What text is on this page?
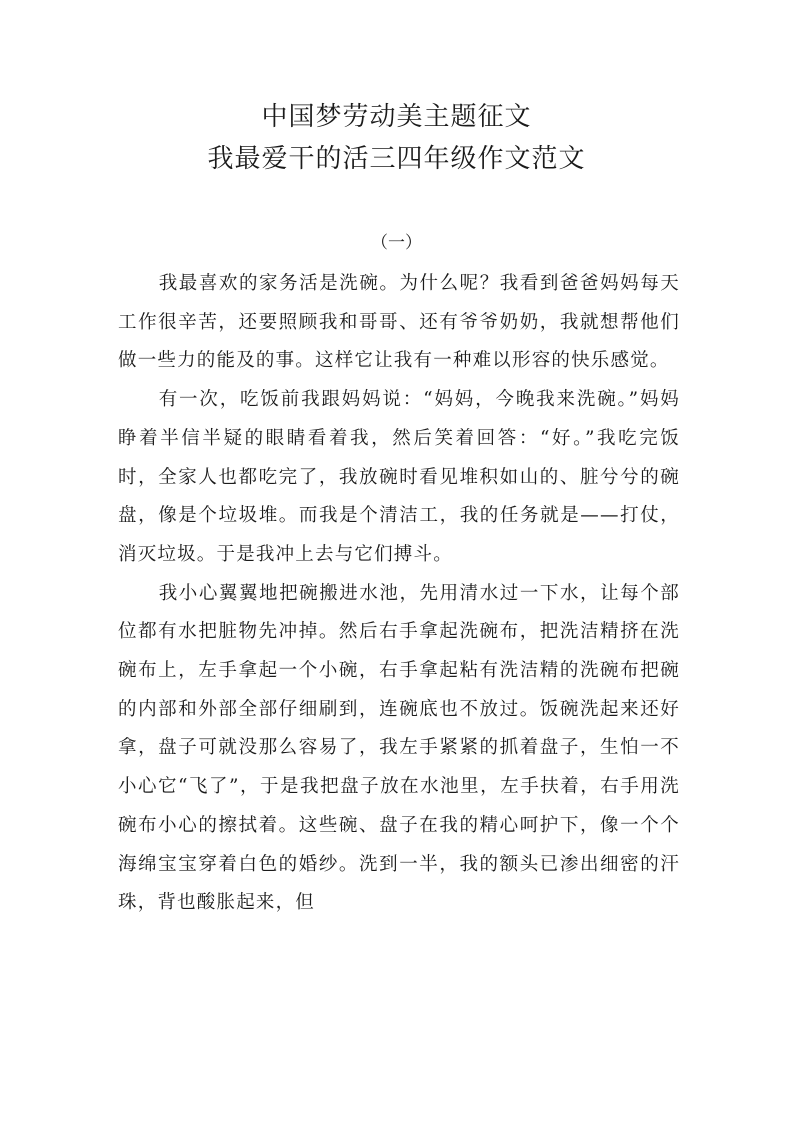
中国梦劳动美主题征文
我最爱干的活三四年级作文范文
（一）

我最喜欢的家务活是洗碗。为什么呢？我看到爸爸妈妈每天工作很辛苦，还要照顾我和哥哥、还有爷爷奶奶，我就想帮他们做一些力的能及的事。这样它让我有一种难以形容的快乐感觉。

有一次，吃饭前我跟妈妈说：“妈妈，今晚我来洗碗。”妈妈睁着半信半疑的眼睛看着我，然后笑着回答：“好。”我吃完饭时，全家人也都吃完了，我放碗时看见堆积如山的、脏兮兮的碗盘，像是个垃圾堆。而我是个清洁工，我的任务就是——打仗，消灭垃圾。于是我冲上去与它们搏斗。

我小心翼翼地把碗搬进水池，先用清水过一下水，让每个部位都有水把脏物先冲掉。然后右手拿起洗碗布，把洗洁精挤在洗碗布上，左手拿起一个小碗，右手拿起粘有洗洁精的洗碗布把碗的内部和外部全部仔细刷到，连碗底也不放过。饭碗洗起来还好拿，盘子可就没那么容易了，我左手紧紧的抓着盘子，生怕一不小心它“飞了”，于是我把盘子放在水池里，左手扶着，右手用洗碗布小心的擦拭着。这些碗、盘子在我的精心呵护下，像一个个海绵宝宝穿着白色的婚纱。洗到一半，我的额头已渗出细密的汗珠，背也酸胀起来，但
